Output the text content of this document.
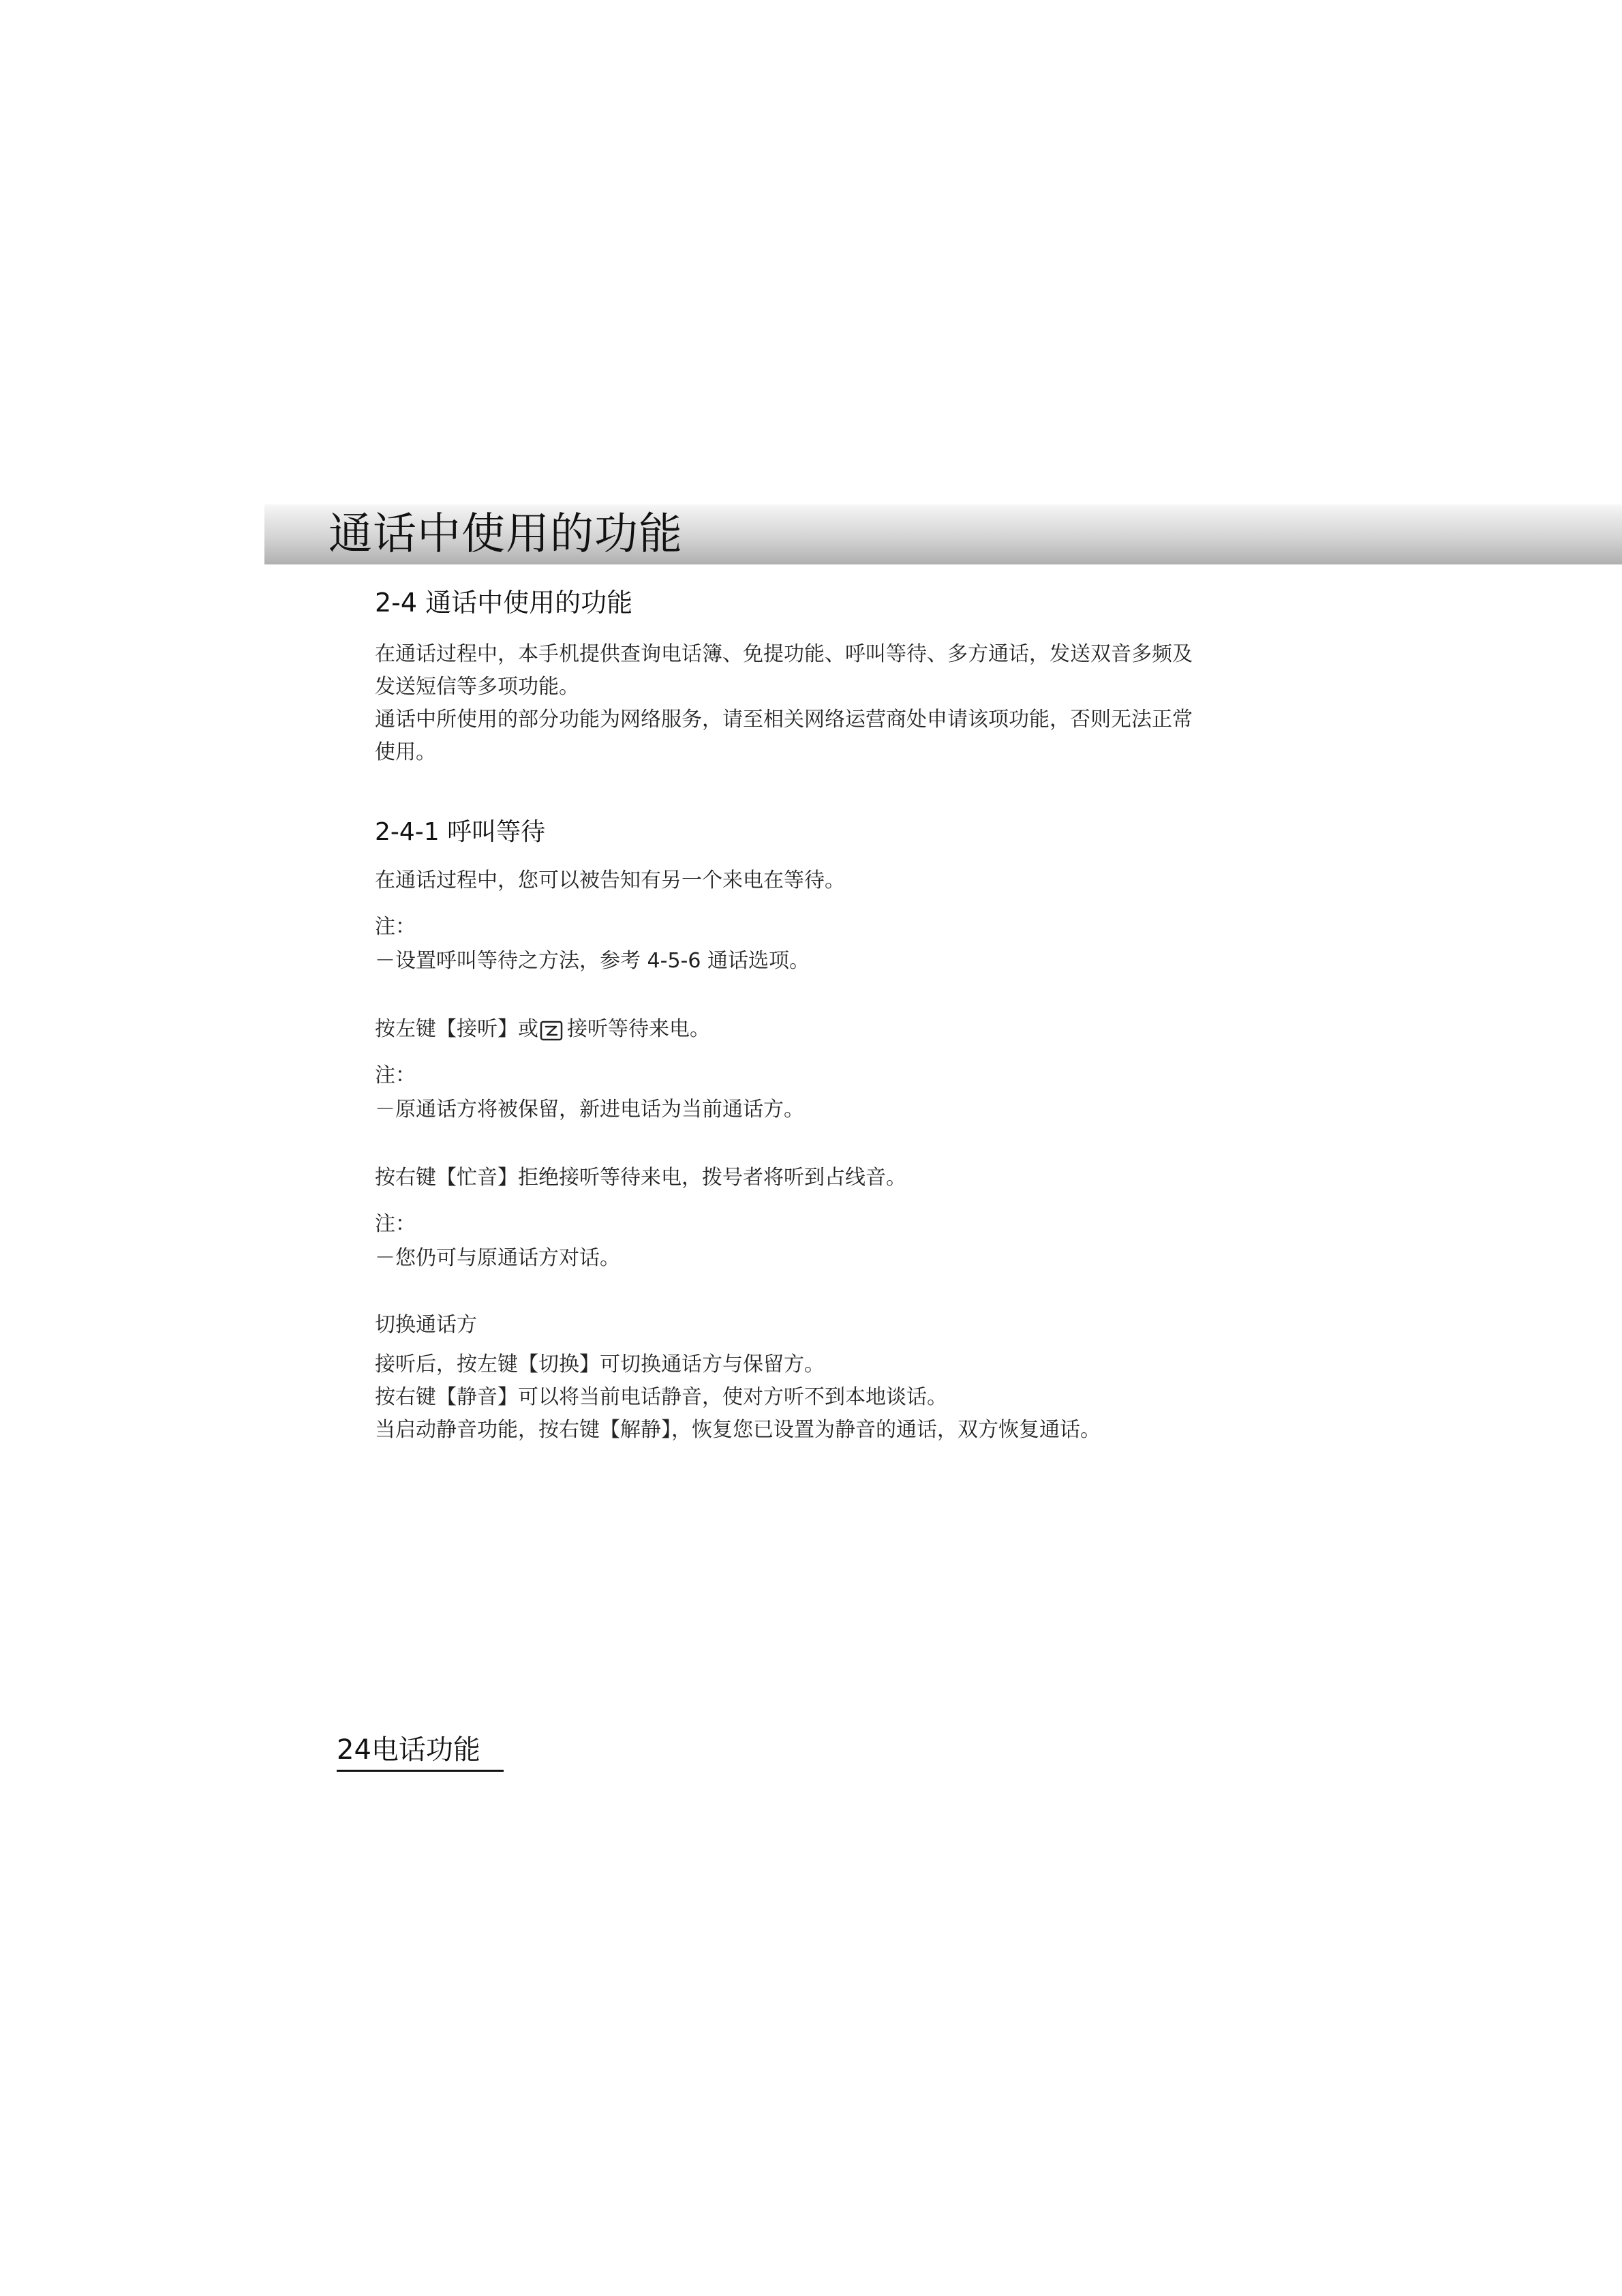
通话中使用的功能
2-4 通话中使用的功能
在通话过程中，本手机提供查询电话簿、免提功能、呼叫等待、多方通话，发送双音多频及
发送短信等多项功能。
通话中所使用的部分功能为网络服务，请至相关网络运营商处申请该项功能，否则无法正常
使用。
2-4-1 呼叫等待
在通话过程中，您可以被告知有另一个来电在等待。
注：
－设置呼叫等待之方法，参考 4-5-6 通话选项。
按左键【接听】或 接听等待来电。
注：
－原通话方将被保留，新进电话为当前通话方。
按右键【忙音】拒绝接听等待来电，拨号者将听到占线音。
注：
－您仍可与原通话方对话。
切换通话方
接听后，按左键【切换】可切换通话方与保留方。
按右键【静音】可以将当前电话静音，使对方听不到本地谈话。
当启动静音功能，按右键【解静】，恢复您已设置为静音的通话，双方恢复通话。
24电话功能
